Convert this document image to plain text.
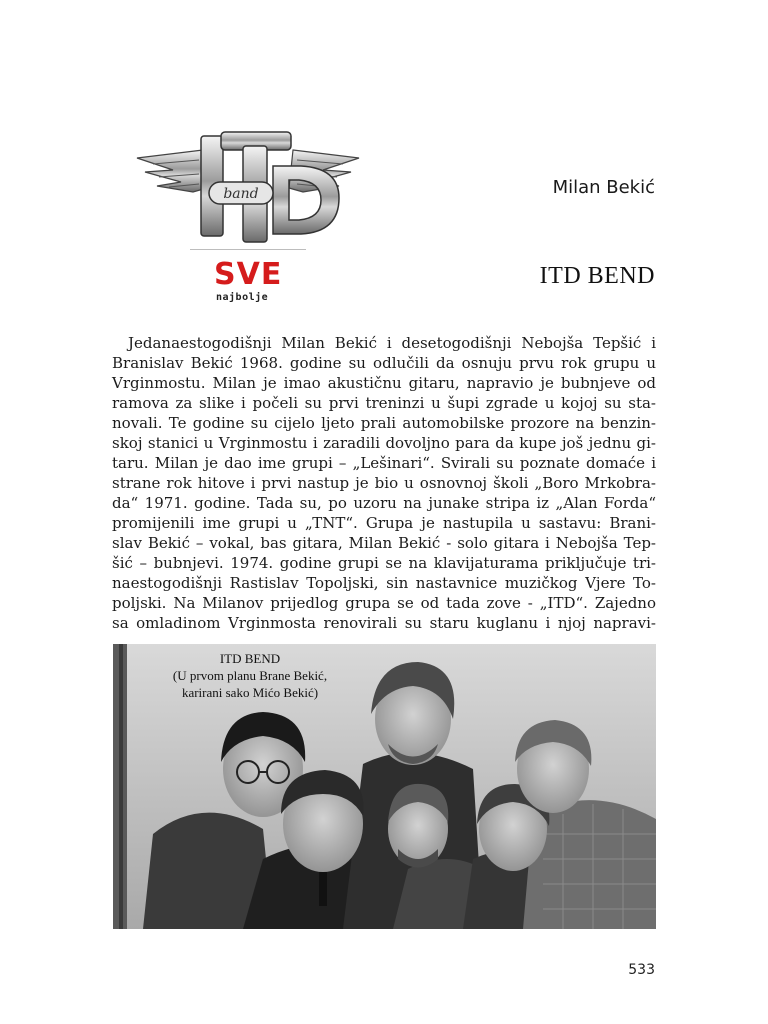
band
SVE
najbolje
Milan Bekić
ITD BEND
Jedanaestogodišnji Milan Bekić i desetogodišnji Nebojša Tepšić i
Branislav Bekić 1968. godine su odlučili da osnuju prvu rok grupu u
Vrginmostu. Milan je imao akustičnu gitaru, napravio je bubnjeve od
ramova za slike i počeli su prvi treninzi u šupi zgrade u kojoj su sta-
novali. Te godine su cijelo ljeto prali automobilske prozore na benzin-
skoj stanici u Vrginmostu i zaradili dovoljno para da kupe još jednu gi-
taru. Milan je dao ime grupi – „Lešinari“. Svirali su poznate domaće i
strane rok hitove i prvi nastup je bio u osnovnoj školi „Boro Mrkobra-
da“ 1971. godine. Tada su, po uzoru na junake stripa iz „Alan Forda“
promijenili ime grupi u „TNT“. Grupa je nastupila u sastavu: Brani-
slav Bekić – vokal, bas gitara, Milan Bekić - solo gitara i Nebojša Tep-
šić – bubnjevi. 1974. godine grupi se na klavijaturama priključuje tri-
naestogodišnji Rastislav Topoljski, sin nastavnice muzičkog Vjere To-
poljski. Na Milanov prijedlog grupa se od tada zove - „ITD“. Zajedno
sa omladinom Vrginmosta renovirali su staru kuglanu i njoj napravi-
ITD BEND
(U prvom planu Brane Bekić,
karirani sako Mićo Bekić)
533
